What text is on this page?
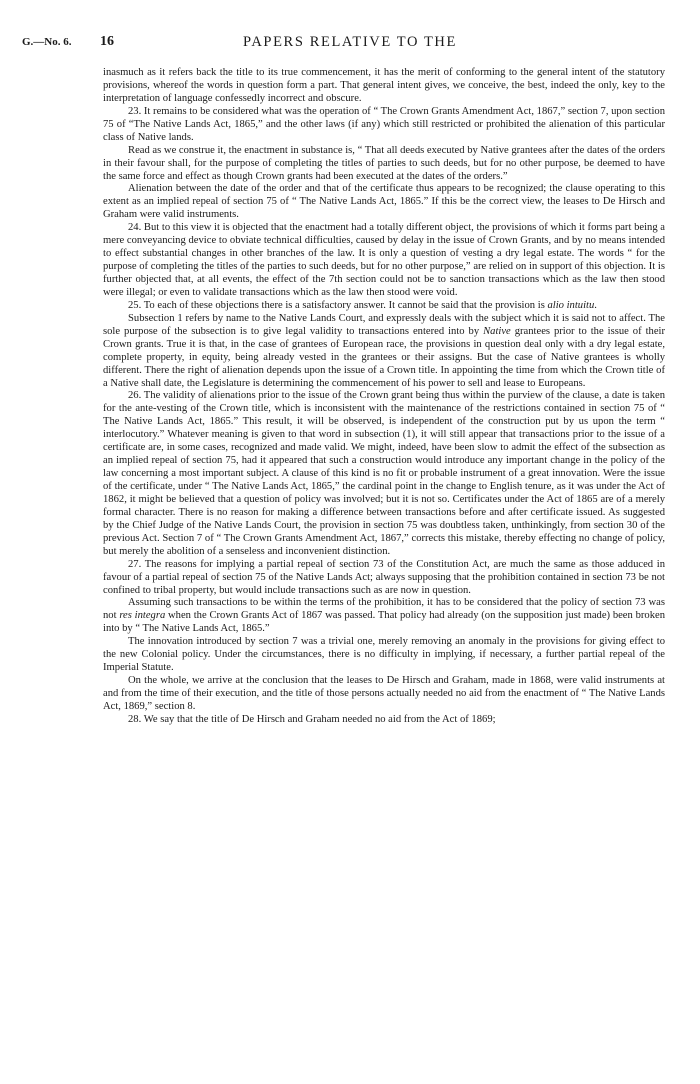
G.—No. 6. 16	PAPERS RELATIVE TO THE

inasmuch as it refers back the title to its true commencement, it has the merit of conforming to the general intent of the statutory provisions, whereof the words in question form a part. That general intent gives, we conceive, the best, indeed the only, key to the interpretation of language confessedly incorrect and obscure.

23. It remains to be considered what was the operation of “ The Crown Grants Amendment Act, 1867,” section 7, upon section 75 of “The Native Lands Act, 1865,” and the other laws (if any) which still restricted or prohibited the alienation of this particular class of Native lands.

Read as we construe it, the enactment in substance is, “ That all deeds executed by Native grantees after the dates of the orders in their favour shall, for the purpose of completing the titles of parties to such deeds, but for no other purpose, be deemed to have the same force and effect as though Crown grants had been executed at the dates of the orders.”

Alienation between the date of the order and that of the certificate thus appears to be recognized; the clause operating to this extent as an implied repeal of section 75 of “ The Native Lands Act, 1865.” If this be the correct view, the leases to De Hirsch and Graham were valid instruments.

24. But to this view it is objected that the enactment had a totally different object, the provisions of which it forms part being a mere conveyancing device to obviate technical difficulties, caused by delay in the issue of Crown Grants, and by no means intended to effect substantial changes in other branches of the law. It is only a question of vesting a dry legal estate. The words “ for the purpose of completing the titles of the parties to such deeds, but for no other purpose,” are relied on in support of this objection. It is further objected that, at all events, the effect of the 7th section could not be to sanction transactions which as the law then stood were illegal; or even to validate transactions which as the law then stood were void.

25. To each of these objections there is a satisfactory answer. It cannot be said that the provision is alio intuitu.

Subsection 1 refers by name to the Native Lands Court, and expressly deals with the subject which it is said not to affect. The sole purpose of the subsection is to give legal validity to transactions entered into by Native grantees prior to the issue of their Crown grants. True it is that, in the case of grantees of European race, the provisions in question deal only with a dry legal estate, complete property, in equity, being already vested in the grantees or their assigns. But the case of Native grantees is wholly different. There the right of alienation depends upon the issue of a Crown title. In appointing the time from which the Crown title of a Native shall date, the Legislature is determining the commencement of his power to sell and lease to Europeans.

26. The validity of alienations prior to the issue of the Crown grant being thus within the purview of the clause, a date is taken for the ante-vesting of the Crown title, which is inconsistent with the maintenance of the restrictions contained in section 75 of “ The Native Lands Act, 1865.” This result, it will be observed, is independent of the construction put by us upon the term “ interlocutory.” Whatever meaning is given to that word in subsection (1), it will still appear that transactions prior to the issue of a certificate are, in some cases, recognized and made valid. We might, indeed, have been slow to admit the effect of the subsection as an implied repeal of section 75, had it appeared that such a construction would introduce any important change in the policy of the law concerning a most important subject. A clause of this kind is no fit or probable instrument of a great innovation. Were the issue of the certificate, under “ The Native Lands Act, 1865,” the cardinal point in the change to English tenure, as it was under the Act of 1862, it might be believed that a question of policy was involved; but it is not so. Certificates under the Act of 1865 are of a merely formal character. There is no reason for making a difference between transactions before and after certificate issued. As suggested by the Chief Judge of the Native Lands Court, the provision in section 75 was doubtless taken, unthinkingly, from section 30 of the previous Act. Section 7 of “ The Crown Grants Amendment Act, 1867,” corrects this mistake, thereby effecting no change of policy, but merely the abolition of a senseless and inconvenient distinction.

27. The reasons for implying a partial repeal of section 73 of the Constitution Act, are much the same as those adduced in favour of a partial repeal of section 75 of the Native Lands Act; always supposing that the prohibition contained in section 73 be not confined to tribal property, but would include transactions such as are now in question.

Assuming such transactions to be within the terms of the prohibition, it has to be considered that the policy of section 73 was not res integra when the Crown Grants Act of 1867 was passed. That policy had already (on the supposition just made) been broken into by “ The Native Lands Act, 1865.”

The innovation introduced by section 7 was a trivial one, merely removing an anomaly in the provisions for giving effect to the new Colonial policy. Under the circumstances, there is no difficulty in implying, if necessary, a further partial repeal of the Imperial Statute.

On the whole, we arrive at the conclusion that the leases to De Hirsch and Graham, made in 1868, were valid instruments at and from the time of their execution, and the title of those persons actually needed no aid from the enactment of “ The Native Lands Act, 1869,” section 8.

28. We say that the title of De Hirsch and Graham needed no aid from the Act of 1869;
